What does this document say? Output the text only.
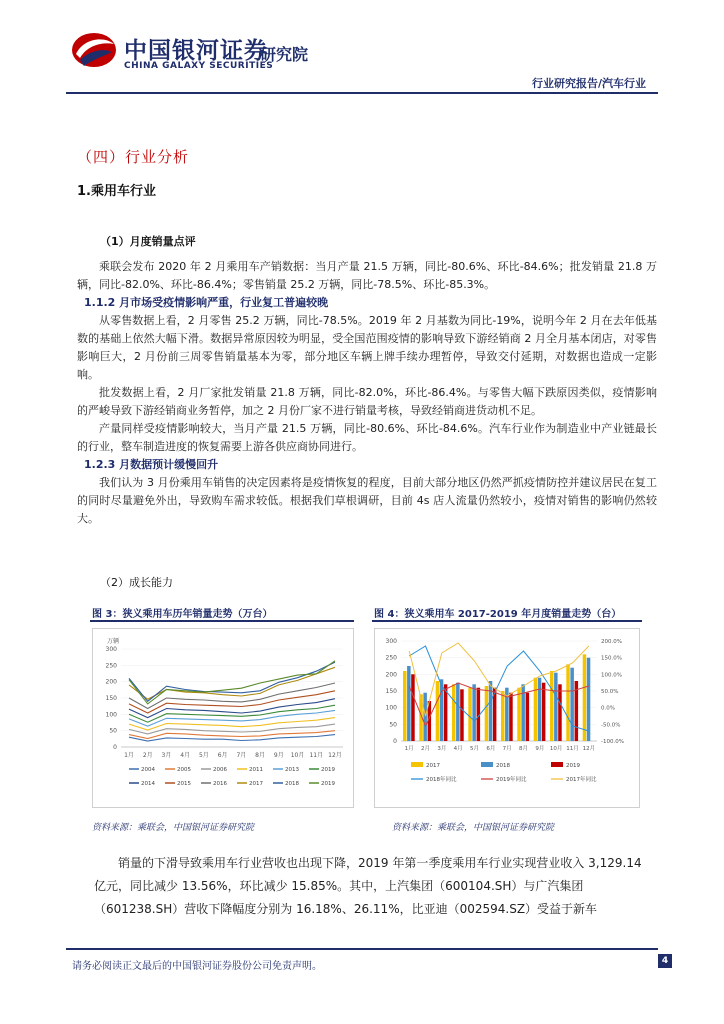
中国银河证券
CHINA GALAXY SECURITIES
研究院
行业研究报告/汽车行业
（四）行业分析
1.乘用车行业
（1）月度销量点评
乘联会发布 2020 年 2 月乘用车产销数据：当月产量 21.5 万辆，同比-80.6%、环比-84.6%；批发销量 21.8 万辆，同比-82.0%、环比-86.4%；零售销量 25.2 万辆，同比-78.5%、环比-85.3%。
1.1.2 月市场受疫情影响严重，行业复工普遍较晚
从零售数据上看，2 月零售 25.2 万辆，同比-78.5%。2019 年 2 月基数为同比-19%，说明今年 2 月在去年低基数的基础上依然大幅下滑。数据异常原因较为明显，受全国范围疫情的影响导致下游经销商 2 月全月基本闭店，对零售影响巨大，2 月份前三周零售销量基本为零，部分地区车辆上牌手续办理暂停，导致交付延期，对数据也造成一定影响。
批发数据上看，2 月厂家批发销量 21.8 万辆，同比-82.0%，环比-86.4%。与零售大幅下跌原因类似，疫情影响的严峻导致下游经销商业务暂停，加之 2 月份厂家不进行销量考核，导致经销商进货动机不足。
产量同样受疫情影响较大，当月产量 21.5 万辆，同比-80.6%、环比-84.6%。汽车行业作为制造业中产业链最长的行业，整车制造进度的恢复需要上游各供应商协同进行。
1.2.3 月数据预计缓慢回升
我们认为 3 月份乘用车销售的决定因素将是疫情恢复的程度，目前大部分地区仍然严抓疫情防控并建议居民在复工的同时尽量避免外出，导致购车需求较低。根据我们草根调研，目前 4s 店人流量仍然较小，疫情对销售的影响仍然较大。
（2）成长能力
图 3：狭义乘用车历年销量走势（万台）
万辆
0
50
100
150
200
250
300
1月 2月 3月 4月 5月 6月 7月 8月 9月 10月 11月 12月
2004	2005	2006	2011	2013	2019
2014	2015	2016	2017	2018	2019
资料来源：乘联会，中国银河证券研究院
图 4：狭义乘用车 2017-2019 年月度销量走势（台）
0
50
100
150
200
250
300
-100.0%
-50.0%
0.0%
50.0%
100.0%
150.0%
200.0%
1月 2月 3月 4月 5月 6月 7月 8月 9月 10月 11月 12月
2017	2018	2019
2018年同比	2019年同比	2017年同比
资料来源：乘联会，中国银河证券研究院
销量的下滑导致乘用车行业营收也出现下降，2019 年第一季度乘用车行业实现营业收入 3,129.14 亿元，同比减少 13.56%，环比减少 15.85%。其中，上汽集团（600104.SH）与广汽集团（601238.SH）营收下降幅度分别为 16.18%、26.11%，比亚迪（002594.SZ）受益于新车
请务必阅读正文最后的中国银河证券股份公司免责声明。	4
